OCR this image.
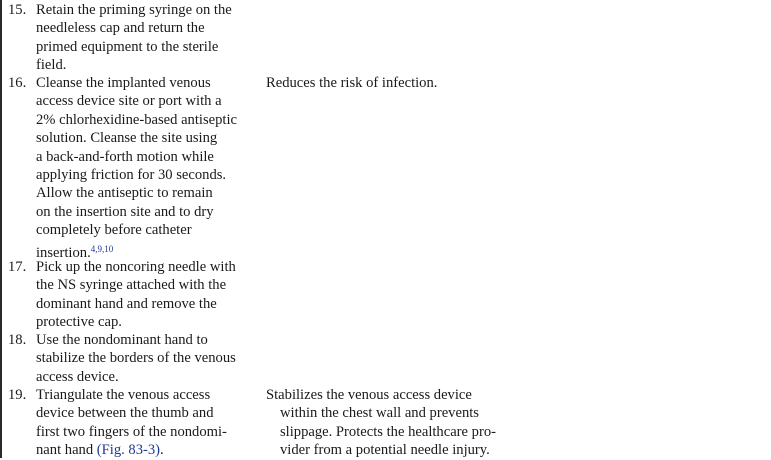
15. Retain the priming syringe on the
needleless cap and return the
primed equipment to the sterile
field.
16. Cleanse the implanted venous
access device site or port with a
2% chlorhexidine-based antiseptic
solution. Cleanse the site using
a back-and-forth motion while
applying friction for 30 seconds.
Allow the antiseptic to remain
on the insertion site and to dry
completely before catheter
insertion.$^{4,9,10}$
Reduces the risk of infection.
17. Pick up the noncoring needle with
the NS syringe attached with the
dominant hand and remove the
protective cap.
18. Use the nondominant hand to
stabilize the borders of the venous
access device.
19. Triangulate the venous access
device between the thumb and
first two fingers of the nondomi-
nant hand (Fig. 83-3).
Stabilizes the venous access device
within the chest wall and prevents
slippage. Protects the healthcare pro-
vider from a potential needle injury.
